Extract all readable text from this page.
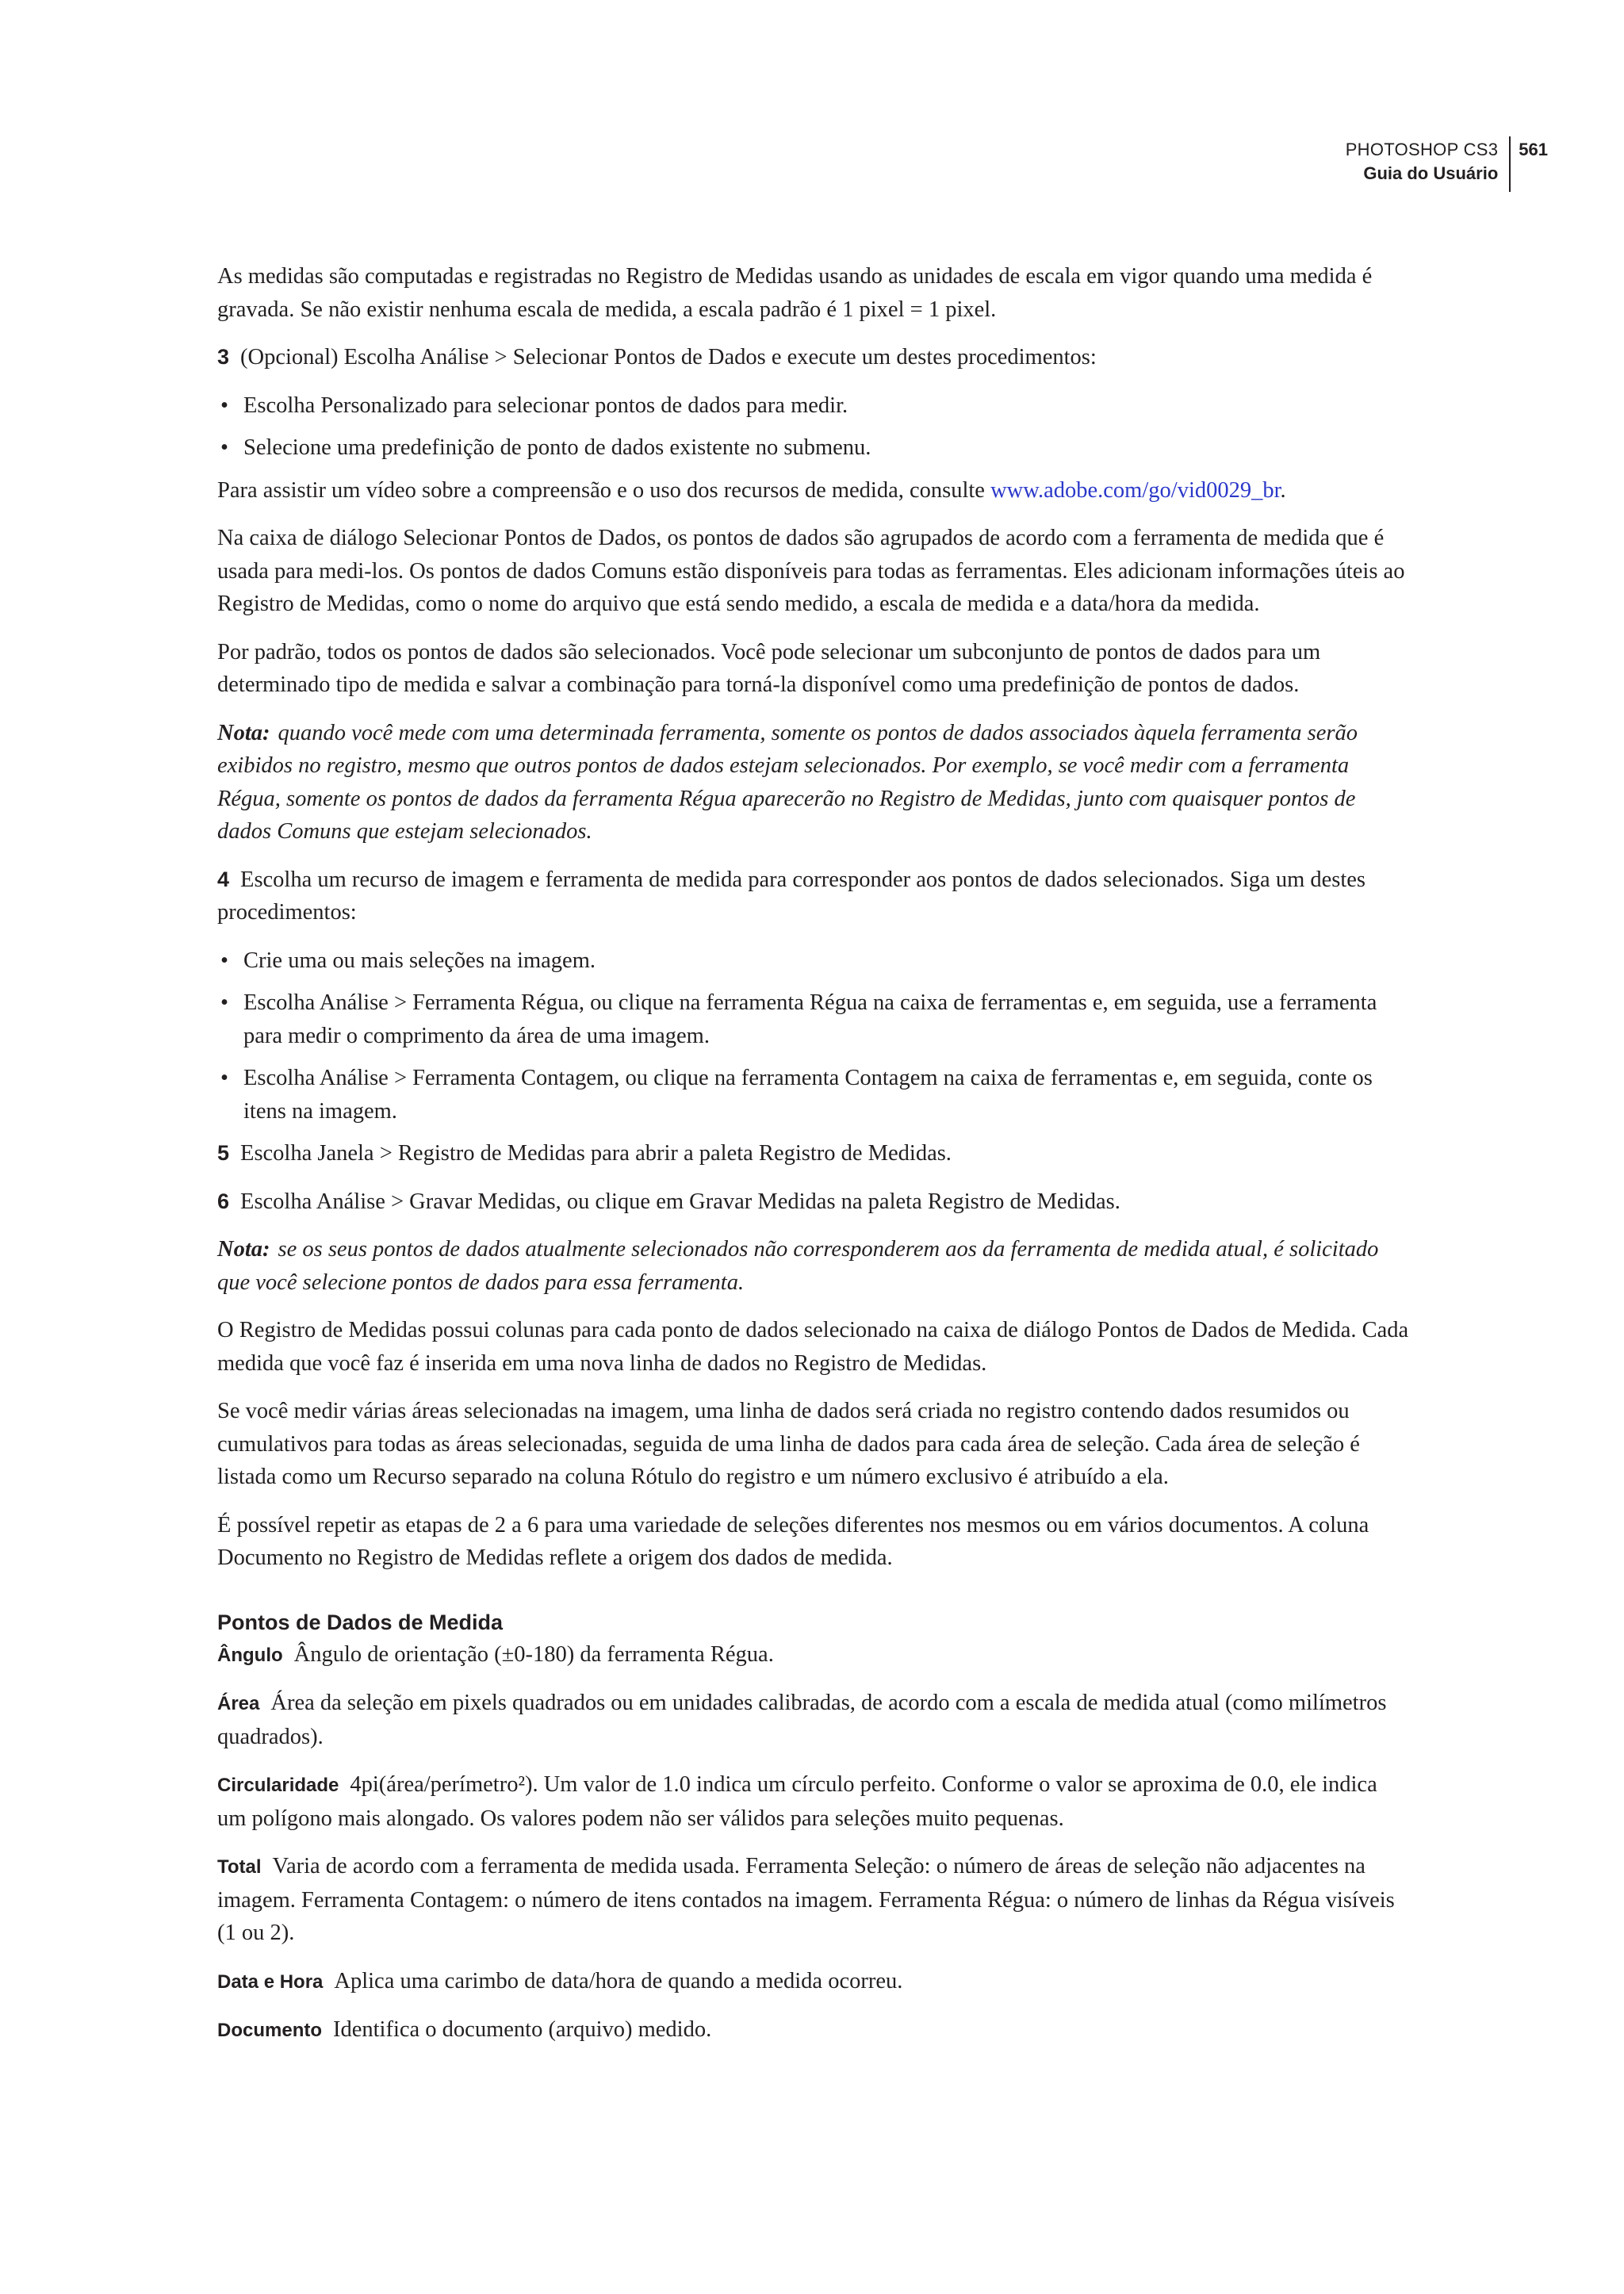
PHOTOSHOP CS3
Guia do Usuário
561

As medidas são computadas e registradas no Registro de Medidas usando as unidades de escala em vigor quando uma medida é gravada. Se não existir nenhuma escala de medida, a escala padrão é 1 pixel = 1 pixel.

3 (Opcional) Escolha Análise > Selecionar Pontos de Dados e execute um destes procedimentos:

• Escolha Personalizado para selecionar pontos de dados para medir.
• Selecione uma predefinição de ponto de dados existente no submenu.

Para assistir um vídeo sobre a compreensão e o uso dos recursos de medida, consulte www.adobe.com/go/vid0029_br.

Na caixa de diálogo Selecionar Pontos de Dados, os pontos de dados são agrupados de acordo com a ferramenta de medida que é usada para medi-los. Os pontos de dados Comuns estão disponíveis para todas as ferramentas. Eles adicionam informações úteis ao Registro de Medidas, como o nome do arquivo que está sendo medido, a escala de medida e a data/hora da medida.

Por padrão, todos os pontos de dados são selecionados. Você pode selecionar um subconjunto de pontos de dados para um determinado tipo de medida e salvar a combinação para torná-la disponível como uma predefinição de pontos de dados.

Nota: quando você mede com uma determinada ferramenta, somente os pontos de dados associados àquela ferramenta serão exibidos no registro, mesmo que outros pontos de dados estejam selecionados. Por exemplo, se você medir com a ferramenta Régua, somente os pontos de dados da ferramenta Régua aparecerão no Registro de Medidas, junto com quaisquer pontos de dados Comuns que estejam selecionados.

4 Escolha um recurso de imagem e ferramenta de medida para corresponder aos pontos de dados selecionados. Siga um destes procedimentos:

• Crie uma ou mais seleções na imagem.
• Escolha Análise > Ferramenta Régua, ou clique na ferramenta Régua na caixa de ferramentas e, em seguida, use a ferramenta para medir o comprimento da área de uma imagem.
• Escolha Análise > Ferramenta Contagem, ou clique na ferramenta Contagem na caixa de ferramentas e, em seguida, conte os itens na imagem.

5 Escolha Janela > Registro de Medidas para abrir a paleta Registro de Medidas.

6 Escolha Análise > Gravar Medidas, ou clique em Gravar Medidas na paleta Registro de Medidas.

Nota: se os seus pontos de dados atualmente selecionados não corresponderem aos da ferramenta de medida atual, é solicitado que você selecione pontos de dados para essa ferramenta.

O Registro de Medidas possui colunas para cada ponto de dados selecionado na caixa de diálogo Pontos de Dados de Medida. Cada medida que você faz é inserida em uma nova linha de dados no Registro de Medidas.

Se você medir várias áreas selecionadas na imagem, uma linha de dados será criada no registro contendo dados resumidos ou cumulativos para todas as áreas selecionadas, seguida de uma linha de dados para cada área de seleção. Cada área de seleção é listada como um Recurso separado na coluna Rótulo do registro e um número exclusivo é atribuído a ela.

É possível repetir as etapas de 2 a 6 para uma variedade de seleções diferentes nos mesmos ou em vários documentos. A coluna Documento no Registro de Medidas reflete a origem dos dados de medida.

Pontos de Dados de Medida

Ângulo Ângulo de orientação (±0-180) da ferramenta Régua.

Área Área da seleção em pixels quadrados ou em unidades calibradas, de acordo com a escala de medida atual (como milímetros quadrados).

Circularidade 4pi(área/perímetro²). Um valor de 1.0 indica um círculo perfeito. Conforme o valor se aproxima de 0.0, ele indica um polígono mais alongado. Os valores podem não ser válidos para seleções muito pequenas.

Total Varia de acordo com a ferramenta de medida usada. Ferramenta Seleção: o número de áreas de seleção não adjacentes na imagem. Ferramenta Contagem: o número de itens contados na imagem. Ferramenta Régua: o número de linhas da Régua visíveis (1 ou 2).

Data e Hora Aplica uma carimbo de data/hora de quando a medida ocorreu.

Documento Identifica o documento (arquivo) medido.
